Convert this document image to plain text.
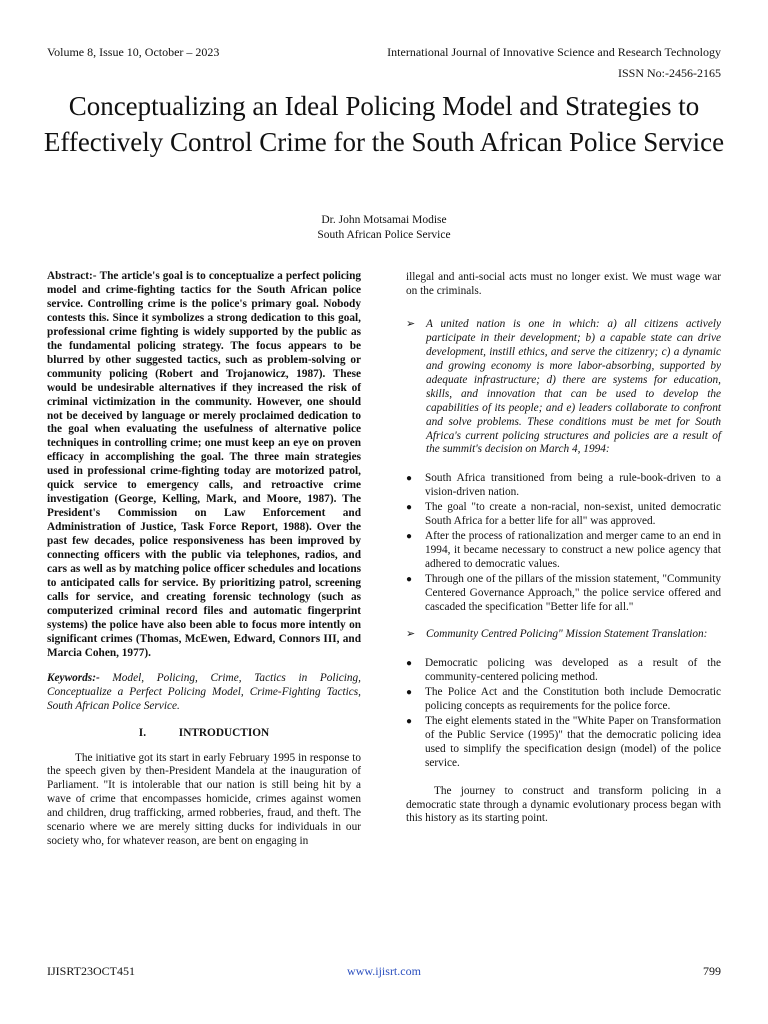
Volume 8, Issue 10, October – 2023	International Journal of Innovative Science and Research Technology
ISSN No:-2456-2165
Conceptualizing an Ideal Policing Model and Strategies to Effectively Control Crime for the South African Police Service
Dr. John Motsamai Modise
South African Police Service

Abstract:- The article's goal is to conceptualize a perfect policing model and crime-fighting tactics for the South African police service. Controlling crime is the police's primary goal. Nobody contests this. Since it symbolizes a strong dedication to this goal, professional crime fighting is widely supported by the public as the fundamental policing strategy. The focus appears to be blurred by other suggested tactics, such as problem-solving or community policing (Robert and Trojanowicz, 1987). These would be undesirable alternatives if they increased the risk of criminal victimization in the community. However, one should not be deceived by language or merely proclaimed dedication to the goal when evaluating the usefulness of alternative police techniques in controlling crime; one must keep an eye on proven efficacy in accomplishing the goal. The three main strategies used in professional crime-fighting today are motorized patrol, quick service to emergency calls, and retroactive crime investigation (George, Kelling, Mark, and Moore, 1987). The President's Commission on Law Enforcement and Administration of Justice, Task Force Report, 1988). Over the past few decades, police responsiveness has been improved by connecting officers with the public via telephones, radios, and cars as well as by matching police officer schedules and locations to anticipated calls for service. By prioritizing patrol, screening calls for service, and creating forensic technology (such as computerized criminal record files and automatic fingerprint systems) the police have also been able to focus more intently on significant crimes (Thomas, McEwen, Edward, Connors III, and Marcia Cohen, 1977).

Keywords:- Model, Policing, Crime, Tactics in Policing, Conceptualize a Perfect Policing Model, Crime-Fighting Tactics, South African Police Service.

I.	INTRODUCTION

The initiative got its start in early February 1995 in response to the speech given by then-President Mandela at the inauguration of Parliament. "It is intolerable that our nation is still being hit by a wave of crime that encompasses homicide, crimes against women and children, drug trafficking, armed robberies, fraud, and theft. The scenario where we are merely sitting ducks for individuals in our society who, for whatever reason, are bent on engaging in

illegal and anti-social acts must no longer exist. We must wage war on the criminals.

➢ A united nation is one in which: a) all citizens actively participate in their development; b) a capable state can drive development, instill ethics, and serve the citizenry; c) a dynamic and growing economy is more labor-absorbing, supported by adequate infrastructure; d) there are systems for education, skills, and innovation that can be used to develop the capabilities of its people; and e) leaders collaborate to confront and solve problems. These conditions must be met for South Africa's current policing structures and policies are a result of the summit's decision on March 4, 1994:
●	South Africa transitioned from being a rule-book-driven to a vision-driven nation.
●	The goal "to create a non-racial, non-sexist, united democratic South Africa for a better life for all" was approved.
●	After the process of rationalization and merger came to an end in 1994, it became necessary to construct a new police agency that adhered to democratic values.
●	Through one of the pillars of the mission statement, "Community Centered Governance Approach," the police service offered and cascaded the specification "Better life for all."
➢ Community Centred Policing" Mission Statement Translation:
●	Democratic policing was developed as a result of the community-centered policing method.
●	The Police Act and the Constitution both include Democratic policing concepts as requirements for the police force.
●	The eight elements stated in the "White Paper on Transformation of the Public Service (1995)" that the democratic policing idea used to simplify the specification design (model) of the police service.

The journey to construct and transform policing in a democratic state through a dynamic evolutionary process began with this history as its starting point.

IJISRT23OCT451	www.ijisrt.com	799
